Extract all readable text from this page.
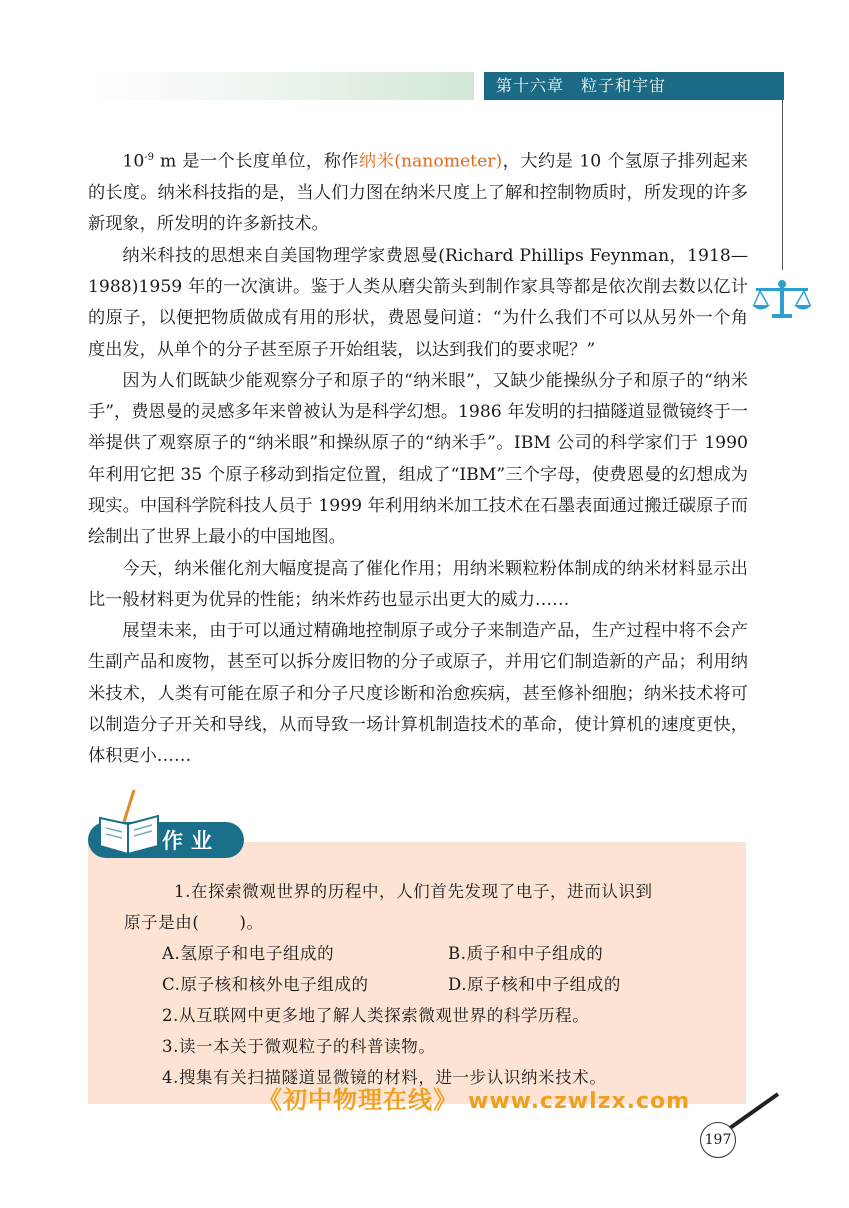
第十六章　粒子和宇宙

$10^{-9}$ m 是一个长度单位，称作纳米(nanometer)，大约是 10 个氢原子排列起来的长度。纳米科技指的是，当人们力图在纳米尺度上了解和控制物质时，所发现的许多新现象，所发明的许多新技术。

纳米科技的思想来自美国物理学家费恩曼(Richard Phillips Feynman，1918—1988)1959 年的一次演讲。鉴于人类从磨尖箭头到制作家具等都是依次削去数以亿计的原子，以便把物质做成有用的形状，费恩曼问道：“为什么我们不可以从另外一个角度出发，从单个的分子甚至原子开始组装，以达到我们的要求呢？”

因为人们既缺少能观察分子和原子的“纳米眼”，又缺少能操纵分子和原子的“纳米手”，费恩曼的灵感多年来曾被认为是科学幻想。1986 年发明的扫描隧道显微镜终于一举提供了观察原子的“纳米眼”和操纵原子的“纳米手”。IBM 公司的科学家们于 1990 年利用它把 35 个原子移动到指定位置，组成了“IBM”三个字母，使费恩曼的幻想成为现实。中国科学院科技人员于 1999 年利用纳米加工技术在石墨表面通过搬迁碳原子而绘制出了世界上最小的中国地图。

今天，纳米催化剂大幅度提高了催化作用；用纳米颗粒粉体制成的纳米材料显示出比一般材料更为优异的性能；纳米炸药也显示出更大的威力……

展望未来，由于可以通过精确地控制原子或分子来制造产品，生产过程中将不会产生副产品和废物，甚至可以拆分废旧物的分子或原子，并用它们制造新的产品；利用纳米技术，人类有可能在原子和分子尺度诊断和治愈疾病，甚至修补细胞；纳米技术将可以制造分子开关和导线，从而导致一场计算机制造技术的革命，使计算机的速度更快，体积更小……

作业
1.在探索微观世界的历程中，人们首先发现了电子，进而认识到
原子是由( )。
A.氢原子和电子组成的	B.质子和中子组成的
C.原子核和核外电子组成的	D.原子核和中子组成的
2.从互联网中更多地了解人类探索微观世界的科学历程。
3.读一本关于微观粒子的科普读物。
4.搜集有关扫描隧道显微镜的材料，进一步认识纳米技术。
《初中物理在线》 www.czwlzx.com
197
